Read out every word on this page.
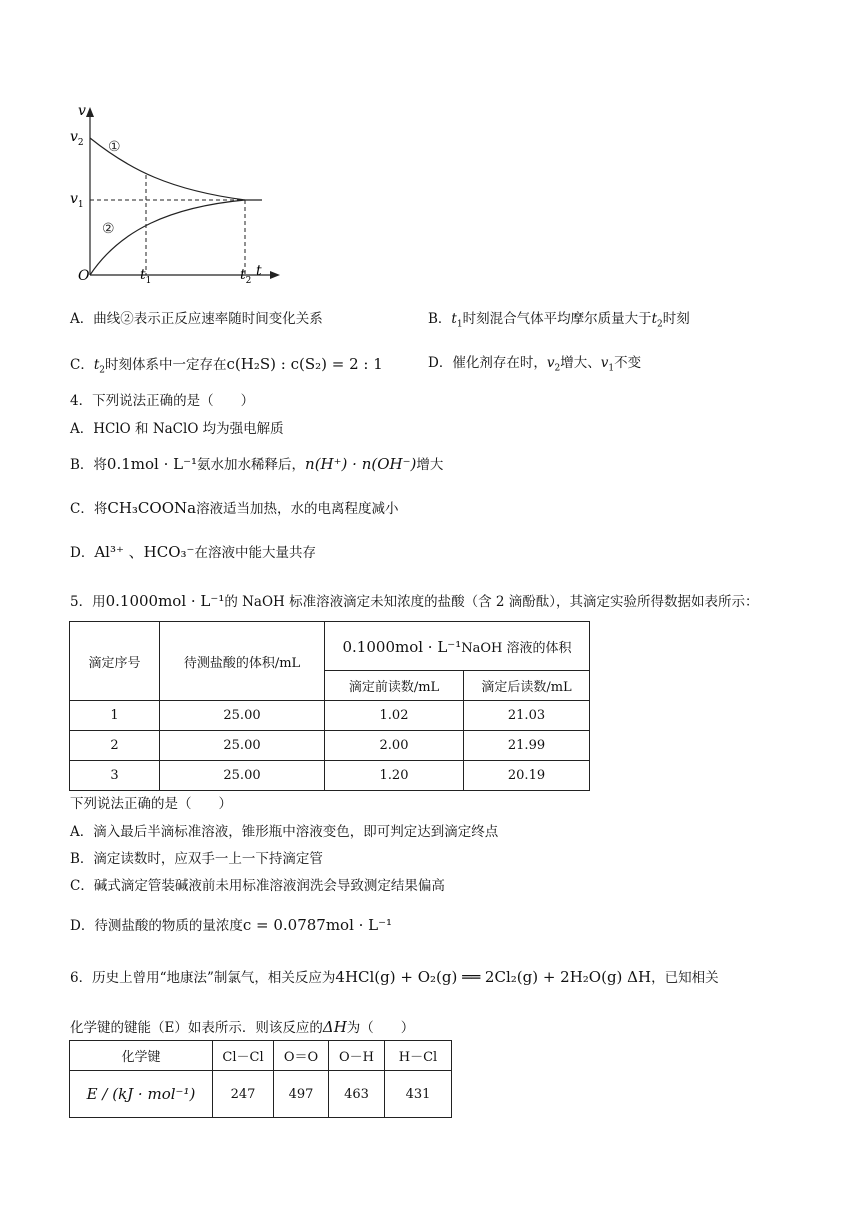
v
$v_2$
$v_1$
O	$t_1$	$t_2$
t
①
②
A．曲线②表示正反应速率随时间变化关系	B．$t_1$时刻混合气体平均摩尔质量大于$t_2$时刻
C．$t_2$时刻体系中一定存在c(H₂S) : c(S₂) = 2 : 1	D．催化剂存在时，$v_2$增大、$v_1$不变
4．下列说法正确的是（　　）
A．HClO 和 NaClO 均为强电解质
B．将0.1mol · L⁻¹氨水加水稀释后，n(H⁺) · n(OH⁻)增大
C．将CH₃COONa溶液适当加热，水的电离程度减小
D．Al³⁺ 、HCO₃⁻在溶液中能大量共存
5．用0.1000mol · L⁻¹的 NaOH 标准溶液滴定未知浓度的盐酸（含 2 滴酚酞），其滴定实验所得数据如表所示：
滴定序号	待测盐酸的体积/mL	0.1000mol · L⁻¹NaOH 溶液的体积	
		滴定前读数/mL	滴定后读数/mL
1	25.00	1.02	21.03
2	25.00	2.00	21.99
3	25.00	1.20	20.19
下列说法正确的是（　　）
A．滴入最后半滴标准溶液，锥形瓶中溶液变色，即可判定达到滴定终点
B．滴定读数时，应双手一上一下持滴定管
C．碱式滴定管装碱液前未用标准溶液润洗会导致测定结果偏高
D．待测盐酸的物质的量浓度c = 0.0787mol · L⁻¹
6．历史上曾用“地康法”制氯气，相关反应为4HCl(g) + O₂(g) ══ 2Cl₂(g) + 2H₂O(g) ΔH，已知相关
化学键的键能（E）如表所示．则该反应的ΔH为（　　）
化学键	Cl－Cl	O＝O	O－H	H－Cl
E / (kJ · mol⁻¹)	247	497	463	431
